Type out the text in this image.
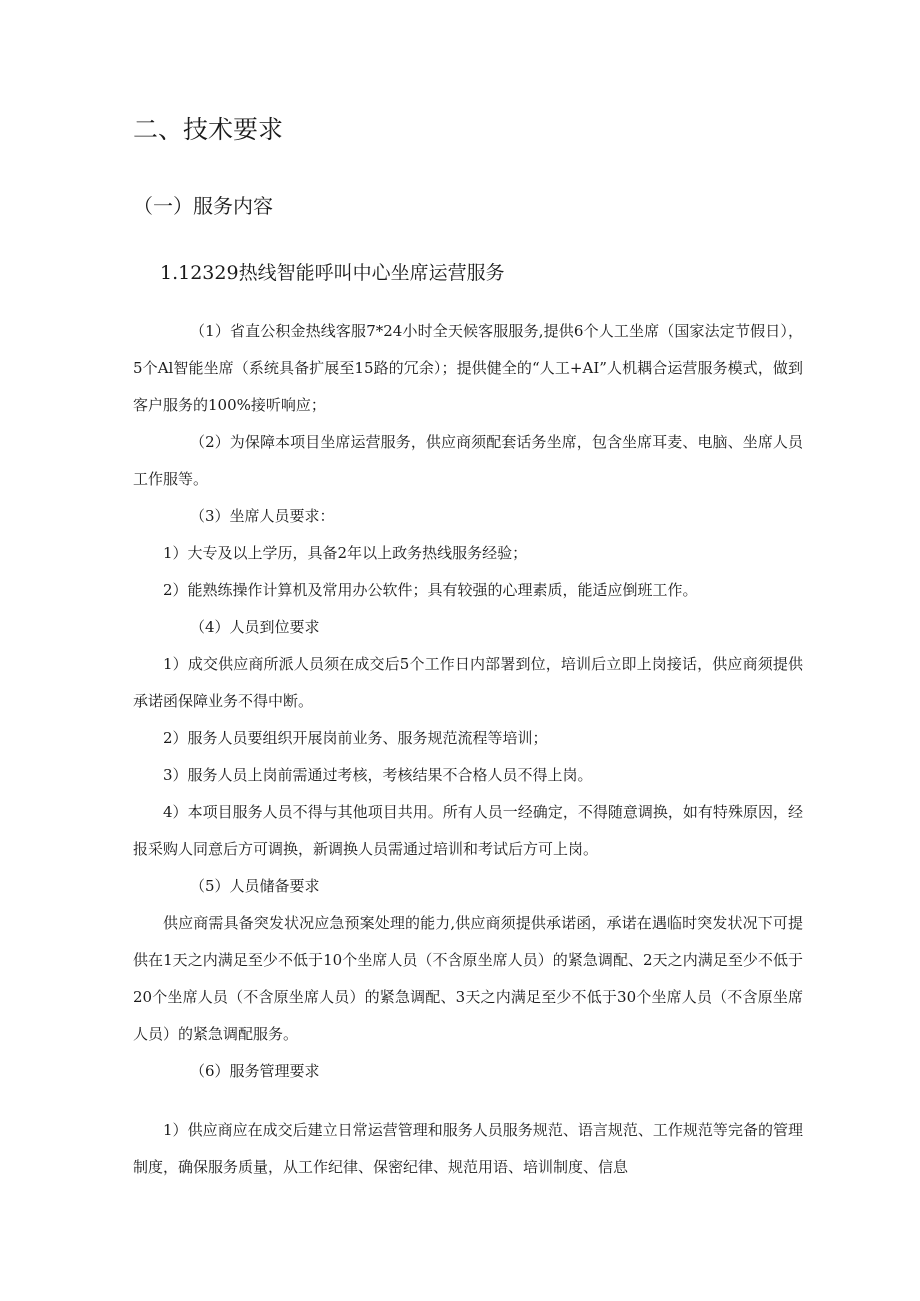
二、技术要求
（一）服务内容
1.12329热线智能呼叫中心坐席运营服务
（1）省直公积金热线客服7*24小时全天候客服服务,提供6个人工坐席（国家法定节假日），5个Al智能坐席（系统具备扩展至15路的冗余）；提供健全的“人工+AI”人机耦合运营服务模式，做到客户服务的100%接听响应；
（2）为保障本项目坐席运营服务，供应商须配套话务坐席，包含坐席耳麦、电脑、坐席人员工作服等。
（3）坐席人员要求：
1）大专及以上学历，具备2年以上政务热线服务经验；
2）能熟练操作计算机及常用办公软件；具有较强的心理素质，能适应倒班工作。
（4）人员到位要求
1）成交供应商所派人员须在成交后5个工作日内部署到位，培训后立即上岗接话，供应商须提供承诺函保障业务不得中断。
2）服务人员要组织开展岗前业务、服务规范流程等培训；
3）服务人员上岗前需通过考核，考核结果不合格人员不得上岗。
4）本项目服务人员不得与其他项目共用。所有人员一经确定，不得随意调换，如有特殊原因，经报采购人同意后方可调换，新调换人员需通过培训和考试后方可上岗。
（5）人员储备要求
供应商需具备突发状况应急预案处理的能力,供应商须提供承诺函，承诺在遇临时突发状况下可提供在1天之内满足至少不低于10个坐席人员（不含原坐席人员）的紧急调配、2天之内满足至少不低于20个坐席人员（不含原坐席人员）的紧急调配、3天之内满足至少不低于30个坐席人员（不含原坐席人员）的紧急调配服务。
（6）服务管理要求
1）供应商应在成交后建立日常运营管理和服务人员服务规范、语言规范、工作规范等完备的管理制度，确保服务质量，从工作纪律、保密纪律、规范用语、培训制度、信息
